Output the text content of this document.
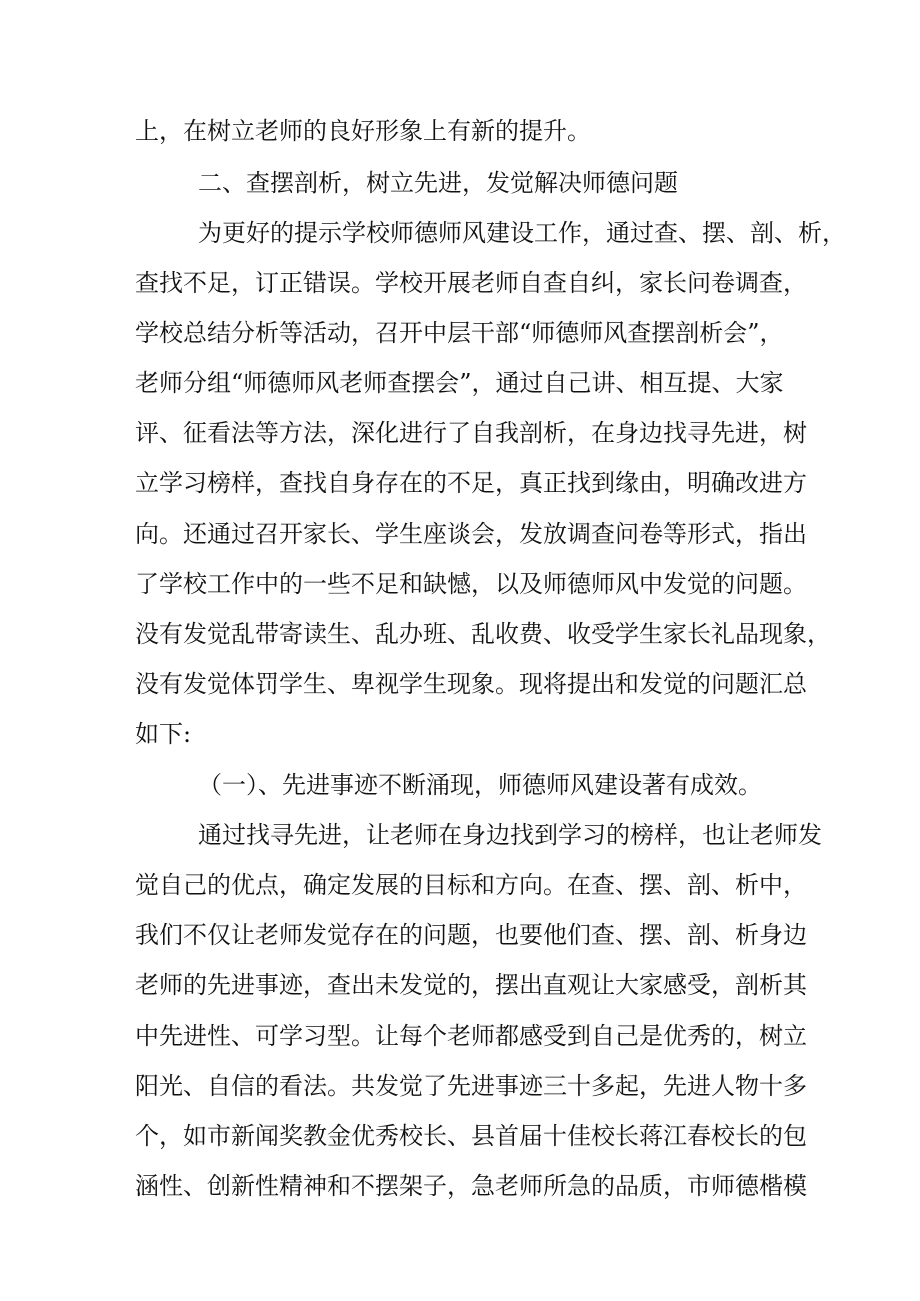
上，在树立老师的良好形象上有新的提升。
二、查摆剖析，树立先进，发觉解决师德问题
为更好的提示学校师德师风建设工作，通过查、摆、剖、析，
查找不足，订正错误。学校开展老师自查自纠，家长问卷调查，
学校总结分析等活动，召开中层干部“师德师风查摆剖析会”，
老师分组“师德师风老师查摆会”，通过自己讲、相互提、大家
评、征看法等方法，深化进行了自我剖析，在身边找寻先进，树
立学习榜样，查找自身存在的不足，真正找到缘由，明确改进方
向。还通过召开家长、学生座谈会，发放调查问卷等形式，指出
了学校工作中的一些不足和缺憾，以及师德师风中发觉的问题。
没有发觉乱带寄读生、乱办班、乱收费、收受学生家长礼品现象，
没有发觉体罚学生、卑视学生现象。现将提出和发觉的问题汇总
如下:
（一）、先进事迹不断涌现，师德师风建设著有成效。
通过找寻先进，让老师在身边找到学习的榜样，也让老师发
觉自己的优点，确定发展的目标和方向。在查、摆、剖、析中，
我们不仅让老师发觉存在的问题，也要他们查、摆、剖、析身边
老师的先进事迹，查出未发觉的，摆出直观让大家感受，剖析其
中先进性、可学习型。让每个老师都感受到自己是优秀的，树立
阳光、自信的看法。共发觉了先进事迹三十多起，先进人物十多
个，如市新闻奖教金优秀校长、县首届十佳校长蒋江春校长的包
涵性、创新性精神和不摆架子，急老师所急的品质，市师德楷模
